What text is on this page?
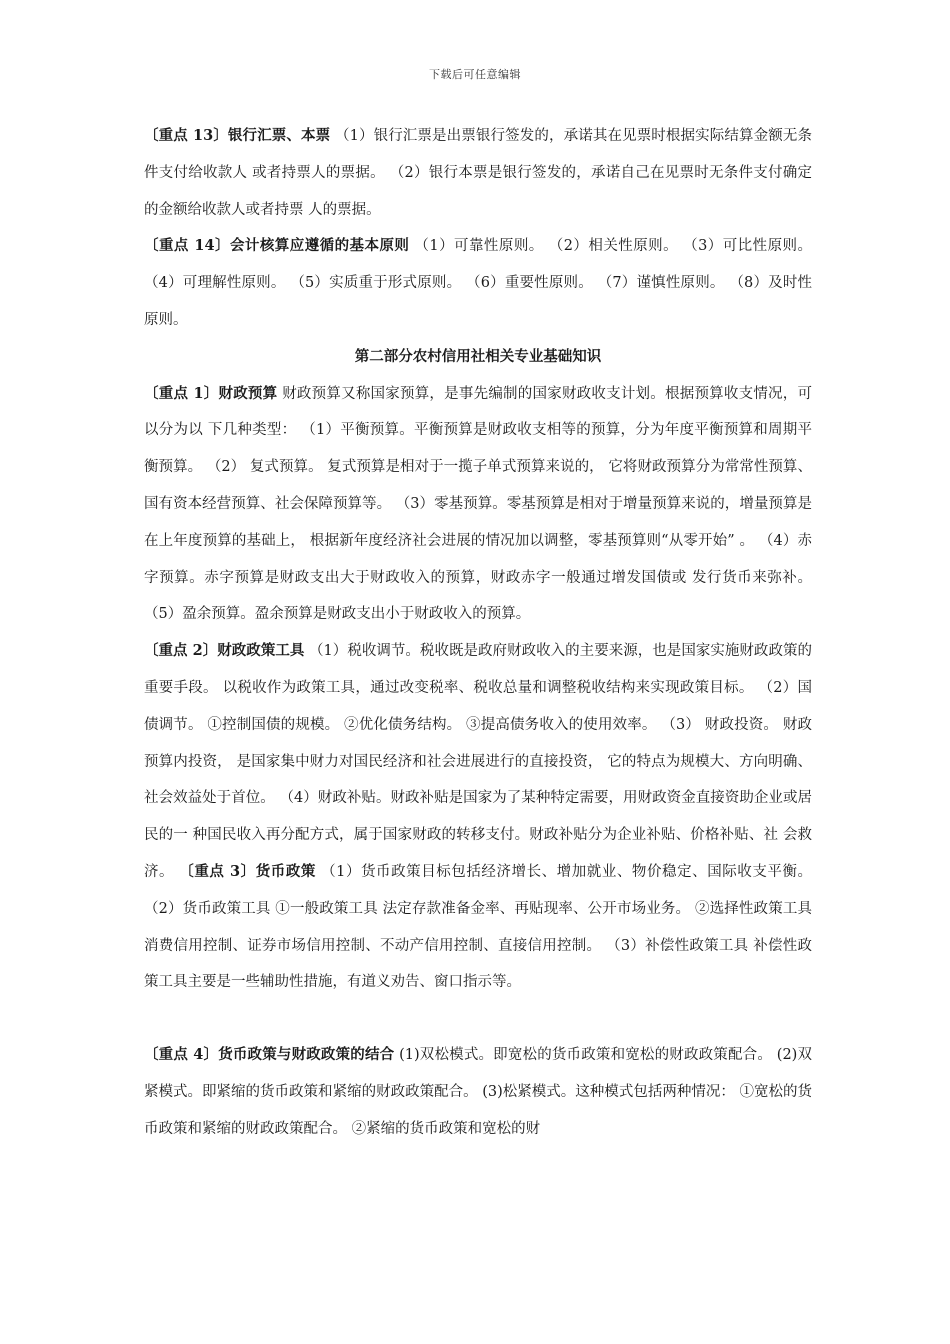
下载后可任意编辑

〔重点 13〕银行汇票、本票 （1）银行汇票是出票银行签发的，承诺其在见票时根据实际结算金额无条件支付给收款人 或者持票人的票据。 （2）银行本票是银行签发的，承诺自己在见票时无条件支付确定的金额给收款人或者持票 人的票据。

〔重点 14〕会计核算应遵循的基本原则 （1）可靠性原则。 （2）相关性原则。 （3）可比性原则。 （4）可理解性原则。 （5）实质重于形式原则。 （6）重要性原则。 （7）谨慎性原则。 （8）及时性原则。

第二部分农村信用社相关专业基础知识

〔重点 1〕财政预算 财政预算又称国家预算，是事先编制的国家财政收支计划。根据预算收支情况，可以分为以 下几种类型： （1）平衡预算。平衡预算是财政收支相等的预算，分为年度平衡预算和周期平衡预算。 （2） 复式预算。 复式预算是相对于一揽子单式预算来说的， 它将财政预算分为常常性预算、 国有资本经营预算、社会保障预算等。 （3）零基预算。零基预算是相对于增量预算来说的，增量预算是在上年度预算的基础上， 根据新年度经济社会进展的情况加以调整，零基预算则“从零开始” 。 （4）赤字预算。赤字预算是财政支出大于财政收入的预算，财政赤字一般通过增发国债或 发行货币来弥补。 （5）盈余预算。盈余预算是财政支出小于财政收入的预算。

〔重点 2〕财政政策工具 （1）税收调节。税收既是政府财政收入的主要来源，也是国家实施财政政策的重要手段。 以税收作为政策工具，通过改变税率、税收总量和调整税收结构来实现政策目标。 （2）国债调节。 ①控制国债的规模。 ②优化债务结构。 ③提高债务收入的使用效率。 （3） 财政投资。 财政预算内投资， 是国家集中财力对国民经济和社会进展进行的直接投资， 它的特点为规模大、方向明确、社会效益处于首位。 （4）财政补贴。财政补贴是国家为了某种特定需要，用财政资金直接资助企业或居民的一 种国民收入再分配方式，属于国家财政的转移支付。财政补贴分为企业补贴、价格补贴、社 会救济。 〔重点 3〕货币政策 （1）货币政策目标包括经济增长、增加就业、物价稳定、国际收支平衡。 （2）货币政策工具 ①一般政策工具 法定存款准备金率、再贴现率、公开市场业务。 ②选择性政策工具 消费信用控制、证券市场信用控制、不动产信用控制、直接信用控制。 （3）补偿性政策工具 补偿性政策工具主要是一些辅助性措施，有道义劝告、窗口指示等。

〔重点 4〕货币政策与财政政策的结合 (1)双松模式。即宽松的货币政策和宽松的财政政策配合。 (2)双紧模式。即紧缩的货币政策和紧缩的财政政策配合。 (3)松紧模式。这种模式包括两种情况： ①宽松的货币政策和紧缩的财政政策配合。 ②紧缩的货币政策和宽松的财
